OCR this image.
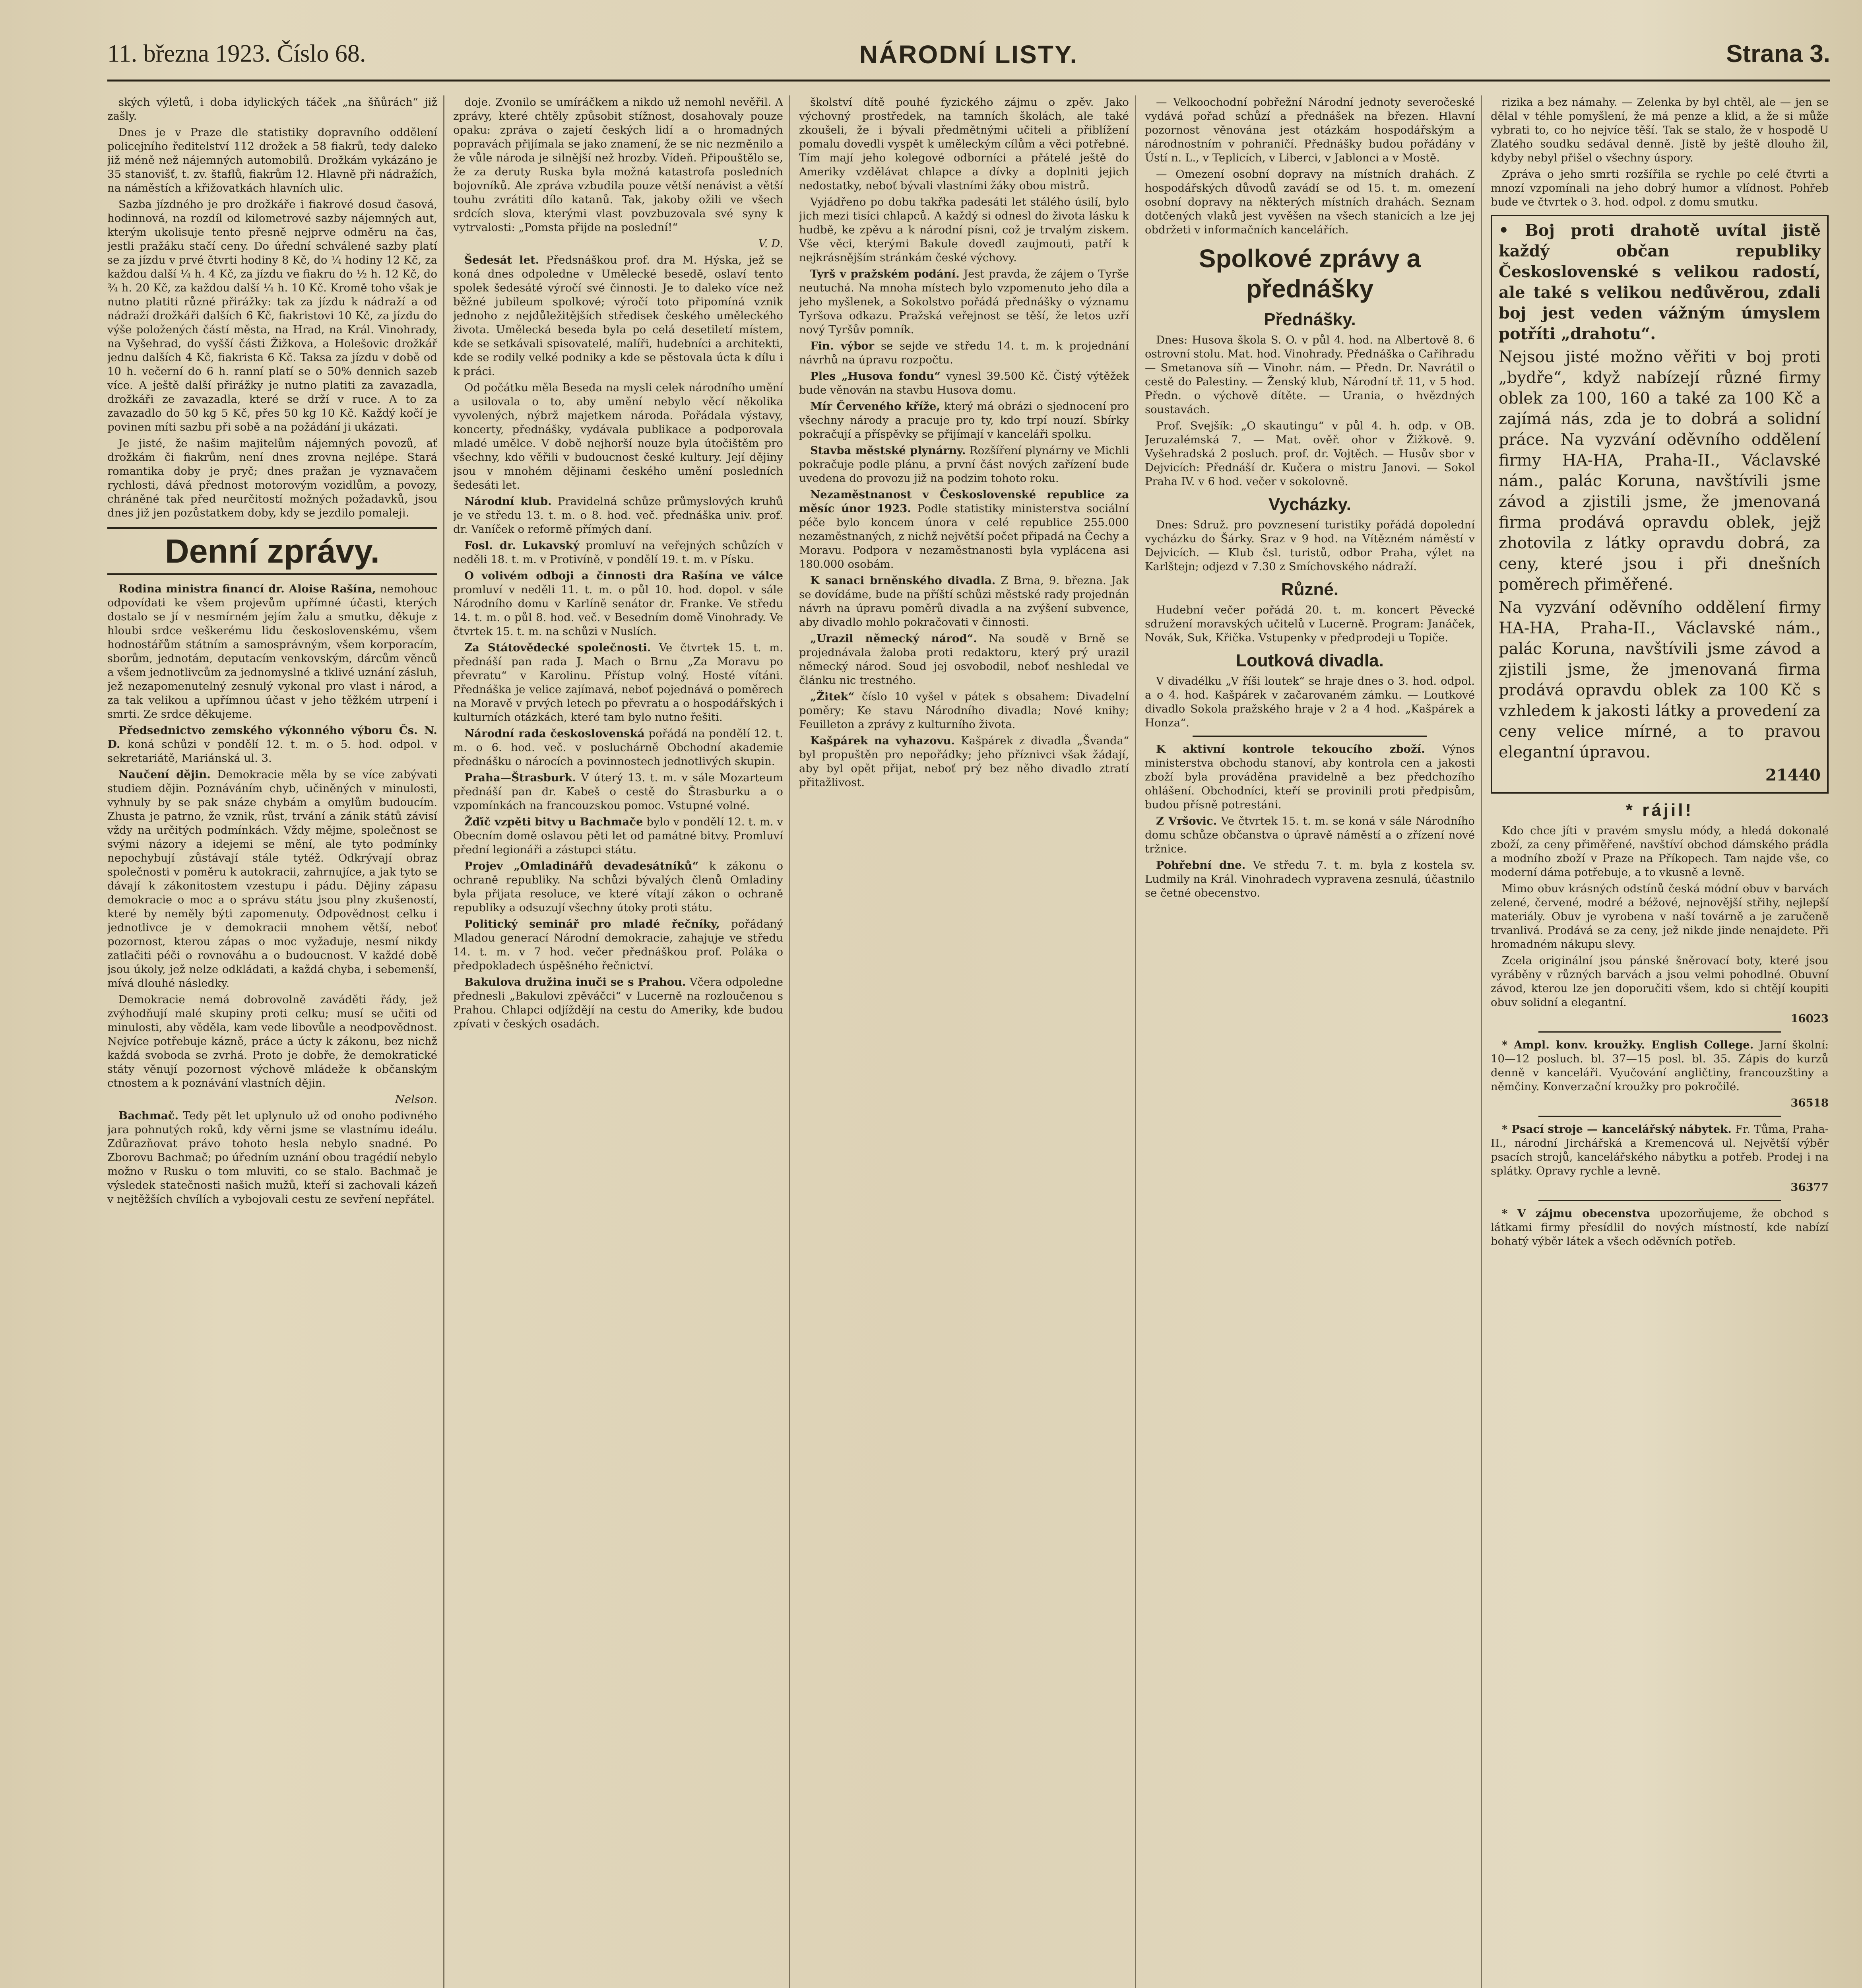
11. března 1923. Číslo 68.	NÁRODNÍ LISTY.	Strana 3.

ských výletů, i doba idylických táček „na šňůrách“ již zašly.

Dnes je v Praze dle statistiky dopravního oddělení policejního ředitelství 112 drožek a 58 fiakrů, tedy daleko již méně než nájemných automobilů. Drožkám vykázáno je 35 stanovišť, t. zv. štaflů, fiakrům 12. Hlavně při nádražích, na náměstích a křižovatkách hlavních ulic.

Sazba jízdného je pro drožkáře i fiakrové dosud časová, hodinnová, na rozdíl od kilometrové sazby nájemných aut, kterým ukolisuje tento přesně nejprve odměru na čas, jestli pražáku stačí ceny. Do úřední schválené sazby platí se za jízdu v prvé čtvrti hodiny 8 Kč, do ¼ hodiny 12 Kč, za každou další ¼ h. 4 Kč, za jízdu ve fiakru do ½ h. 12 Kč, do ¾ h. 20 Kč, za každou další ¼ h. 10 Kč. Kromě toho však je nutno platiti různé přirážky: tak za jízdu k nádraží a od nádraží drožkáři dalších 6 Kč, fiakristovi 10 Kč, za jízdu do výše položených částí města, na Hrad, na Král. Vinohrady, na Vyšehrad, do vyšší části Žižkova, a Holešovic drožkář jednu dalších 4 Kč, fiakrista 6 Kč. Taksa za jízdu v době od 10 h. večerní do 6 h. ranní platí se o 50% dennich sazeb více. A ještě další přirážky je nutno platiti za zavazadla, drožkáři ze zavazadla, které se drží v ruce. A to za zavazadlo do 50 kg 5 Kč, přes 50 kg 10 Kč. Každý kočí je povinen míti sazbu při sobě a na požádání ji ukázati.

Je jisté, že našim majitelům nájemných povozů, ať drožkám či fiakrům, není dnes zrovna nejlépe. Stará romantika doby je pryč; dnes pražan je vyznavačem rychlosti, dává přednost motorovým vozidlům, a povozy, chráněné tak před neurčitostí možných požadavků, jsou dnes již jen pozůstatkem doby, kdy se jezdilo pomaleji.

Denní zprávy.

Rodina ministra financí dr. Aloise Rašína, nemohouc odpovídati ke všem projevům upřímné účasti, kterých dostalo se jí v nesmírném jejím žalu a smutku, děkuje z hloubi srdce veškerému lidu československému, všem hodnostářům státním a samosprávným, všem korporacím, sborům, jednotám, deputacím venkovským, dárcům věnců a všem jednotlivcům za jednomyslné a tklivé uznání zásluh, jež nezapomenutelný zesnulý vykonal pro vlast i národ, a za tak velikou a upřímnou účast v jeho těžkém utrpení i smrti. Ze srdce děkujeme.

Předsednictvo zemského výkonného výboru Čs. N. D. koná schůzi v pondělí 12. t. m. o 5. hod. odpol. v sekretariátě, Mariánská ul. 3.

Naučení dějin. Demokracie měla by se více zabývati studiem dějin. Poznáváním chyb, učiněných v minulosti, vyhnuly by se pak snáze chybám a omylům budoucím. Zhusta je patrno, že vznik, růst, trvání a zánik států závisí vždy na určitých podmínkách. Vždy mějme, společnost se svými názory a idejemi se mění, ale tyto podmínky nepochybují zůstávají stále tytéž. Odkrývají obraz společnosti v poměru k autokracii, zahrnujíce, a jak tyto se dávají k zákonitostem vzestupu i pádu. Dějiny zápasu demokracie o moc a o správu státu jsou plny zkušeností, které by neměly býti zapomenuty. Odpovědnost celku i jednotlivce je v demokracii mnohem větší, neboť pozornost, kterou zápas o moc vyžaduje, nesmí nikdy zatlačiti péči o rovnováhu a o budoucnost. V každé době jsou úkoly, jež nelze odkládati, a každá chyba, i sebemenší, mívá dlouhé následky.

Demokracie nemá dobrovolně zaváděti řády, jež zvýhodňují malé skupiny proti celku; musí se učiti od minulosti, aby věděla, kam vede libovůle a neodpovědnost. Nejvíce potřebuje kázně, práce a úcty k zákonu, bez nichž každá svoboda se zvrhá. Proto je dobře, že demokratické státy věnují pozornost výchově mládeže k občanským ctnostem a k poznávání vlastních dějin.

Nelson.

Bachmač. Tedy pět let uplynulo už od onoho podivného jara pohnutých roků, kdy věrni jsme se vlastnímu ideálu. Zdůrazňovat právo tohoto hesla nebylo snadné. Po Zborovu Bachmač; po úředním uznání obou tragédií nebylo možno v Rusku o tom mluviti, co se stalo. Bachmač je výsledek statečnosti našich mužů, kteří si zachovali kázeň v nejtěžších chvílích a vybojovali cestu ze sevření nepřátel.

doje. Zvonilo se umíráčkem a nikdo už nemohl nevěřil. A zprávy, které chtěly způsobit stížnost, dosahovaly pouze opaku: zpráva o zajetí českých lidí a o hromadných popravách přijímala se jako znamení, že se nic nezměnilo a že vůle národa je silnější než hrozby. Vídeň. Připouštělo se, že za deruty Ruska byla možná katastrofa posledních bojovníků. Ale zpráva vzbudila pouze větší nenávist a větší touhu zvrátiti dílo katanů. Tak, jakoby ožili ve všech srdcích slova, kterými vlast povzbuzovala své syny k vytrvalosti: „Pomsta přijde na poslední!“

V. D.

Šedesát let. Předsnáškou prof. dra M. Hýska, jež se koná dnes odpoledne v Umělecké besedě, oslaví tento spolek šedesáté výročí své činnosti. Je to daleko více než běžné jubileum spolkové; výročí toto připomíná vznik jednoho z nejdůležitějších středisek českého uměleckého života. Umělecká beseda byla po celá desetiletí místem, kde se setkávali spisovatelé, malíři, hudebníci a architekti, kde se rodily velké podniky a kde se pěstovala úcta k dílu i k práci.

Od počátku měla Beseda na mysli celek národního umění a usilovala o to, aby umění nebylo věcí několika vyvolených, nýbrž majetkem národa. Pořádala výstavy, koncerty, přednášky, vydávala publikace a podporovala mladé umělce. V době nejhorší nouze byla útočištěm pro všechny, kdo věřili v budoucnost české kultury. Její dějiny jsou v mnohém dějinami českého umění posledních šedesáti let.

Národní klub. Pravidelná schůze průmyslových kruhů je ve středu 13. t. m. o 8. hod. več. přednáška univ. prof. dr. Vaníček o reformě přímých daní.

Fosl. dr. Lukavský promluví na veřejných schůzích v neděli 18. t. m. v Protivíně, v pondělí 19. t. m. v Písku.

O volivém odboji a činnosti dra Rašína ve válce promluví v neděli 11. t. m. o půl 10. hod. dopol. v sále Národního domu v Karlíně senátor dr. Franke. Ve středu 14. t. m. o půl 8. hod. več. v Besedním domě Vinohrady. Ve čtvrtek 15. t. m. na schůzi v Nuslích.

Za Státovědecké společnosti. Ve čtvrtek 15. t. m. přednáší pan rada J. Mach o Brnu „Za Moravu po převratu“ v Karolinu. Přístup volný. Hosté vítáni. Přednáška je velice zajímavá, neboť pojednává o poměrech na Moravě v prvých letech po převratu a o hospodářských i kulturních otázkách, které tam bylo nutno řešiti.

Národní rada československá pořádá na pondělí 12. t. m. o 6. hod. več. v posluchárně Obchodní akademie přednášku o nárocích a povinnostech jednotlivých skupin.

Praha—Štrasburk. V úterý 13. t. m. v sále Mozarteum přednáší pan dr. Kabeš o cestě do Štrasburku a o vzpomínkách na francouzskou pomoc. Vstupné volné.

Žďíč vzpěti bitvy u Bachmače bylo v pondělí 12. t. m. v Obecním domě oslavou pěti let od památné bitvy. Promluví přední legionáři a zástupci státu.

Projev „Omladinářů devadesátníků“ k zákonu o ochraně republiky. Na schůzi bývalých členů Omladiny byla přijata resoluce, ve které vítají zákon o ochraně republiky a odsuzují všechny útoky proti státu.

Politický seminář pro mladé řečníky, pořádaný Mladou generací Národní demokracie, zahajuje ve středu 14. t. m. v 7 hod. večer přednáškou prof. Poláka o předpokladech úspěšného řečnictví.

Bakulova družina inuči se s Prahou. Včera odpoledne přednesli „Bakulovi zpěváčci“ v Lucerně na rozloučenou s Prahou. Chlapci odjíždějí na cestu do Ameriky, kde budou zpívati v českých osadách.

školství dítě pouhé fyzického zájmu o zpěv. Jako výchovný prostředek, na tamních školách, ale také zkoušeli, že i bývali předmětnými učiteli a přiblížení pomalu dovedli vyspět k uměleckým cílům a věci potřebné. Tím mají jeho kolegové odborníci a přátelé ještě do Ameriky vzdělávat chlapce a dívky a doplniti jejich nedostatky, neboť bývali vlastními žáky obou mistrů.

Vyjádřeno po dobu takřka padesáti let stálého úsilí, bylo jich mezi tisíci chlapců. A každý si odnesl do života lásku k hudbě, ke zpěvu a k národní písni, což je trvalým ziskem. Vše věci, kterými Bakule dovedl zaujmouti, patří k nejkrásnějším stránkám české výchovy.

Tyrš v pražském podání. Jest pravda, že zájem o Tyrše neutuchá. Na mnoha místech bylo vzpomenuto jeho díla a jeho myšlenek, a Sokolstvo pořádá přednášky o významu Tyršova odkazu. Pražská veřejnost se těší, že letos uzří nový Tyršův pomník.

Fin. výbor se sejde ve středu 14. t. m. k projednání návrhů na úpravu rozpočtu.

Ples „Husova fondu“ vynesl 39.500 Kč. Čistý výtěžek bude věnován na stavbu Husova domu.

Mír Červeného kříže, který má obrázi o sjednocení pro všechny národy a pracuje pro ty, kdo trpí nouzí. Sbírky pokračují a příspěvky se přijímají v kanceláři spolku.

Stavba městské plynárny. Rozšíření plynárny ve Michli pokračuje podle plánu, a první část nových zařízení bude uvedena do provozu již na podzim tohoto roku.

Nezaměstnanost v Československé republice za měsíc únor 1923. Podle statistiky ministerstva sociální péče bylo koncem února v celé republice 255.000 nezaměstnaných, z nichž největší počet připadá na Čechy a Moravu. Podpora v nezaměstnanosti byla vyplácena asi 180.000 osobám.

K sanaci brněnského divadla. Z Brna, 9. března. Jak se dovídáme, bude na příští schůzi městské rady projednán návrh na úpravu poměrů divadla a na zvýšení subvence, aby divadlo mohlo pokračovati v činnosti.

„Urazil německý národ“. Na soudě v Brně se projednávala žaloba proti redaktoru, který prý urazil německý národ. Soud jej osvobodil, neboť neshledal ve článku nic trestného.

„Žitek“ číslo 10 vyšel v pátek s obsahem: Divadelní poměry; Ke stavu Národního divadla; Nové knihy; Feuilleton a zprávy z kulturního života.

Kašpárek na vyhazovu. Kašpárek z divadla „Švanda“ byl propuštěn pro nepořádky; jeho příznivci však žádají, aby byl opět přijat, neboť prý bez něho divadlo ztratí přitažlivost.

— Velkoochodní pobřežní Národní jednoty severočeské vydává pořad schůzí a přednášek na březen. Hlavní pozornost věnována jest otázkám hospodářským a národnostním v pohraničí. Přednášky budou pořádány v Ústí n. L., v Teplicích, v Liberci, v Jablonci a v Mostě.

— Omezení osobní dopravy na místních drahách. Z hospodářských důvodů zavádí se od 15. t. m. omezení osobní dopravy na některých místních drahách. Seznam dotčených vlaků jest vyvěšen na všech stanicích a lze jej obdržeti v informačních kancelářích.

Spolkové zprávy a přednášky
Přednášky.

Dnes: Husova škola S. O. v půl 4. hod. na Albertově 8. 6 ostrovní stolu. Mat. hod. Vinohrady. Přednáška o Cařihradu — Smetanova síň — Vinohr. nám. — Předn. Dr. Navrátil o cestě do Palestiny. — Ženský klub, Národní tř. 11, v 5 hod. Předn. o výchově dítěte. — Urania, o hvězdných soustavách.

Prof. Svejšík: „O skautingu“ v půl 4. h. odp. v OB. Jeruzalémská 7. — Mat. ověř. ohor v Žižkově. 9. Vyšehradská 2 posluch. prof. dr. Vojtěch. — Husův sbor v Dejvicích: Přednáší dr. Kučera o mistru Janovi. — Sokol Praha IV. v 6 hod. večer v sokolovně.

Vycházky.

Dnes: Sdruž. pro povznesení turistiky pořádá dopolední vycházku do Šárky. Sraz v 9 hod. na Vítězném náměstí v Dejvicích. — Klub čsl. turistů, odbor Praha, výlet na Karlštejn; odjezd v 7.30 z Smíchovského nádraží.

Různé.

Hudební večer pořádá 20. t. m. koncert Pěvecké sdružení moravských učitelů v Lucerně. Program: Janáček, Novák, Suk, Křička. Vstupenky v předprodeji u Topiče.

Loutková divadla.

V divadélku „V říši loutek“ se hraje dnes o 3. hod. odpol. a o 4. hod. Kašpárek v začarovaném zámku. — Loutkové divadlo Sokola pražského hraje v 2 a 4 hod. „Kašpárek a Honza“.

K aktivní kontrole tekoucího zboží. Výnos ministerstva obchodu stanoví, aby kontrola cen a jakosti zboží byla prováděna pravidelně a bez předchozího ohlášení. Obchodníci, kteří se provinili proti předpisům, budou přísně potrestáni.

Z Vršovic. Ve čtvrtek 15. t. m. se koná v sále Národního domu schůze občanstva o úpravě náměstí a o zřízení nové tržnice.

Pohřební dne. Ve středu 7. t. m. byla z kostela sv. Ludmily na Král. Vinohradech vypravena zesnulá, účastnilo se četné obecenstvo.

rizika a bez námahy. — Zelenka by byl chtěl, ale — jen se dělal v téhle pomyšlení, že má penze a klid, a že si může vybrati to, co ho nejvíce těší. Tak se stalo, že v hospodě U Zlatého soudku sedával denně. Jistě by ještě dlouho žil, kdyby nebyl přišel o všechny úspory.

Zpráva o jeho smrti rozšířila se rychle po celé čtvrti a mnozí vzpomínali na jeho dobrý humor a vlídnost. Pohřeb bude ve čtvrtek o 3. hod. odpol. z domu smutku.

• Boj proti drahotě uvítal jistě každý občan republiky Československé s velikou radostí, ale také s velikou nedůvěrou, zdali boj jest veden vážným úmyslem potříti „drahotu“.

Nejsou jisté možno věřiti v boj proti „bydře“, když nabízejí různé firmy oblek za 100, 160 a také za 100 Kč a zajímá nás, zda je to dobrá a solidní práce. Na vyzvání oděvního oddělení firmy HA-HA, Praha-II., Václavské nám., palác Koruna, navštívili jsme závod a zjistili jsme, že jmenovaná firma prodává opravdu oblek, jejž zhotovila z látky opravdu dobrá, za ceny, které jsou i při dnešních poměrech přiměřené.

Na vyzvání oděvního oddělení firmy HA-HA, Praha-II., Václavské nám., palác Koruna, navštívili jsme závod a zjistili jsme, že jmenovaná firma prodává opravdu oblek za 100 Kč s vzhledem k jakosti látky a provedení za ceny velice mírné, a to pravou elegantní úpravou.

21440

* rájil!

Kdo chce jíti v pravém smyslu módy, a hledá dokonalé zboží, za ceny přiměřené, navštíví obchod dámského prádla a modního zboží v Praze na Příkopech. Tam najde vše, co moderní dáma potřebuje, a to vkusně a levně.

Mimo obuv krásných odstínů česká módní obuv v barvách zelené, červené, modré a béžové, nejnovější střihy, nejlepší materiály. Obuv je vyrobena v naší továrně a je zaručeně trvanlivá. Prodává se za ceny, jež nikde jinde nenajdete. Při hromadném nákupu slevy.

Zcela originální jsou pánské šněrovací boty, které jsou vyráběny v různých barvách a jsou velmi pohodlné. Obuvní závod, kterou lze jen doporučiti všem, kdo si chtějí koupiti obuv solidní a elegantní.

16023

* Ampl. konv. kroužky. English College. Jarní školní: 10—12 posluch. bl. 37—15 posl. bl. 35. Zápis do kurzů denně v kanceláři. Vyučování angličtiny, francouzštiny a němčiny. Konverzační kroužky pro pokročilé.

36518

* Psací stroje — kancelářský nábytek. Fr. Tůma, Praha-II., národní Jirchářská a Kremencová ul. Největší výběr psacích strojů, kancelářského nábytku a potřeb. Prodej i na splátky. Opravy rychle a levně.

36377

* V zájmu obecenstva upozorňujeme, že obchod s látkami firmy přesídlil do nových místností, kde nabízí bohatý výběr látek a všech oděvních potřeb.
